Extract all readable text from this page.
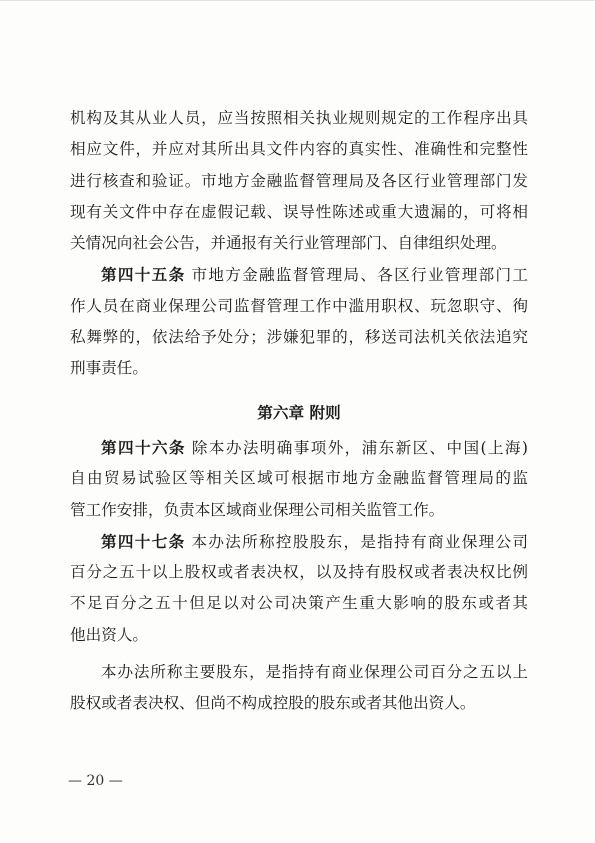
机构及其从业人员，应当按照相关执业规则规定的工作程序出具
相应文件，并应对其所出具文件内容的真实性、准确性和完整性
进行核查和验证。市地方金融监督管理局及各区行业管理部门发
现有关文件中存在虚假记载、误导性陈述或重大遗漏的，可将相
关情况向社会公告，并通报有关行业管理部门、自律组织处理。
第四十五条 市地方金融监督管理局、各区行业管理部门工
作人员在商业保理公司监督管理工作中滥用职权、玩忽职守、徇
私舞弊的，依法给予处分；涉嫌犯罪的，移送司法机关依法追究
刑事责任。
第六章 附则
第四十六条 除本办法明确事项外，浦东新区、中国(上海)
自由贸易试验区等相关区域可根据市地方金融监督管理局的监
管工作安排，负责本区域商业保理公司相关监管工作。
第四十七条 本办法所称控股股东，是指持有商业保理公司
百分之五十以上股权或者表决权，以及持有股权或者表决权比例
不足百分之五十但足以对公司决策产生重大影响的股东或者其
他出资人。
本办法所称主要股东，是指持有商业保理公司百分之五以上
股权或者表决权、但尚不构成控股的股东或者其他出资人。
— 20 —
